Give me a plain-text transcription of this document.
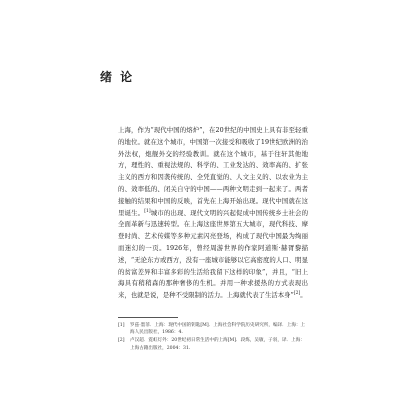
绪 论

上海，作为“现代中国的熔炉”，在20世纪的中国史上具有非至轻重的地位。就在这个城市，中国第一次接受和吸收了19世纪欧洲的治外法权，炮舰外交的经验教训。就在这个城市，基于往轩其他地方，理性的、重视法规的、科学的、工业发达的、效率高的、扩张主义的西方和因袭传统的、全凭直觉的、人文主义的、以农业为主的、效率低的、闭关自守的中国——两种文明走到一起来了。两者接触的结果和中国的反映，首先在上海开始出现。现代中国就在这里诞生。[1]城市的出现、现代文明的兴起促成中国传统乡土社会的全面革新与迅速转型。在上海这座世界第五大城市，现代科技、摩登时尚、艺术传媒等多种元素闪亮登场，构成了现代中国最为绚丽而迷幻的一页。1926年，曾经周游世界的作家阿道斯·赫胥黎描述，“无论东方或西方，没有一座城市能够以它高密度的人口、明显的贫富差异和丰富多彩的生活给我留下这样的印象”，并且，“旧上海具有稍稍森的那种奢侈的生机。并用一种求援热的方式表现出来，也就是说，是种不受限制的活力。上海就代表了生活本身”[2]。

[1]	罗兹·墨菲．上海：现代中国的钥匙[M]．上海社会科学院历史研究所，编译．上海：上海人民出版社，1986：4.
[2]	卢汉超．霓虹灯外：20世纪初日常生活中的上海[M]．段炼，吴敏，子羽，译．上海：上海古籍出版社，2004：31.
